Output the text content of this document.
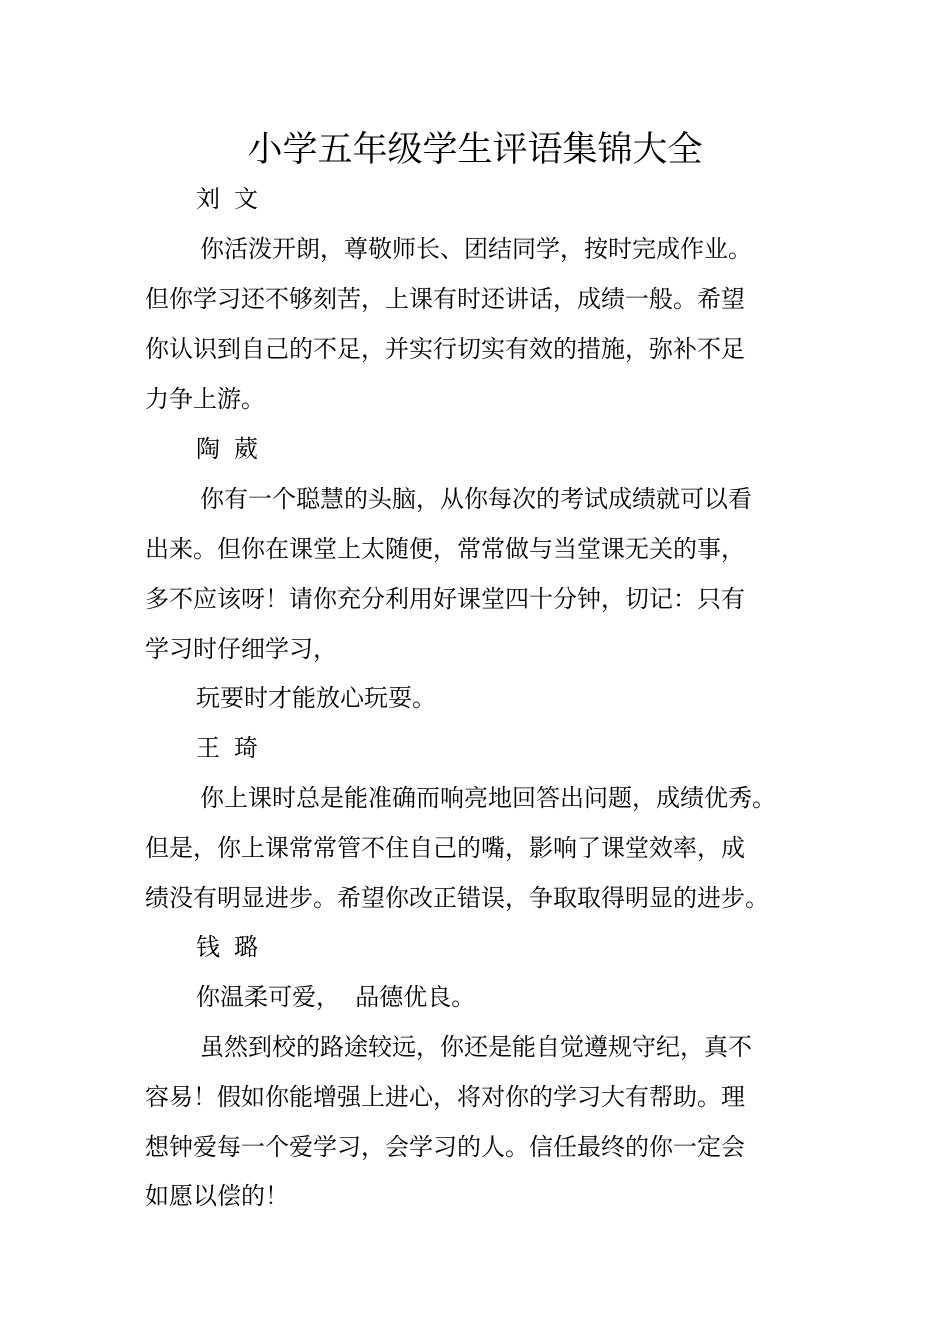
小学五年级学生评语集锦大全
刘 文
你活泼开朗，尊敬师长、团结同学，按时完成作业。
但你学习还不够刻苦，上课有时还讲话，成绩一般。希望
你认识到自己的不足，并实行切实有效的措施，弥补不足
力争上游。
陶 葳
你有一个聪慧的头脑，从你每次的考试成绩就可以看
出来。但你在课堂上太随便，常常做与当堂课无关的事，
多不应该呀！请你充分利用好课堂四十分钟，切记：只有
学习时仔细学习，
玩要时才能放心玩耍。
王 琦
你上课时总是能准确而响亮地回答出问题，成绩优秀。
但是，你上课常常管不住自己的嘴，影响了课堂效率，成
绩没有明显进步。希望你改正错误，争取取得明显的进步。
钱 璐
你温柔可爱，  品德优良。
虽然到校的路途较远，你还是能自觉遵规守纪，真不
容易！假如你能增强上进心，将对你的学习大有帮助。理
想钟爱每一个爱学习，会学习的人。信任最终的你一定会
如愿以偿的！
